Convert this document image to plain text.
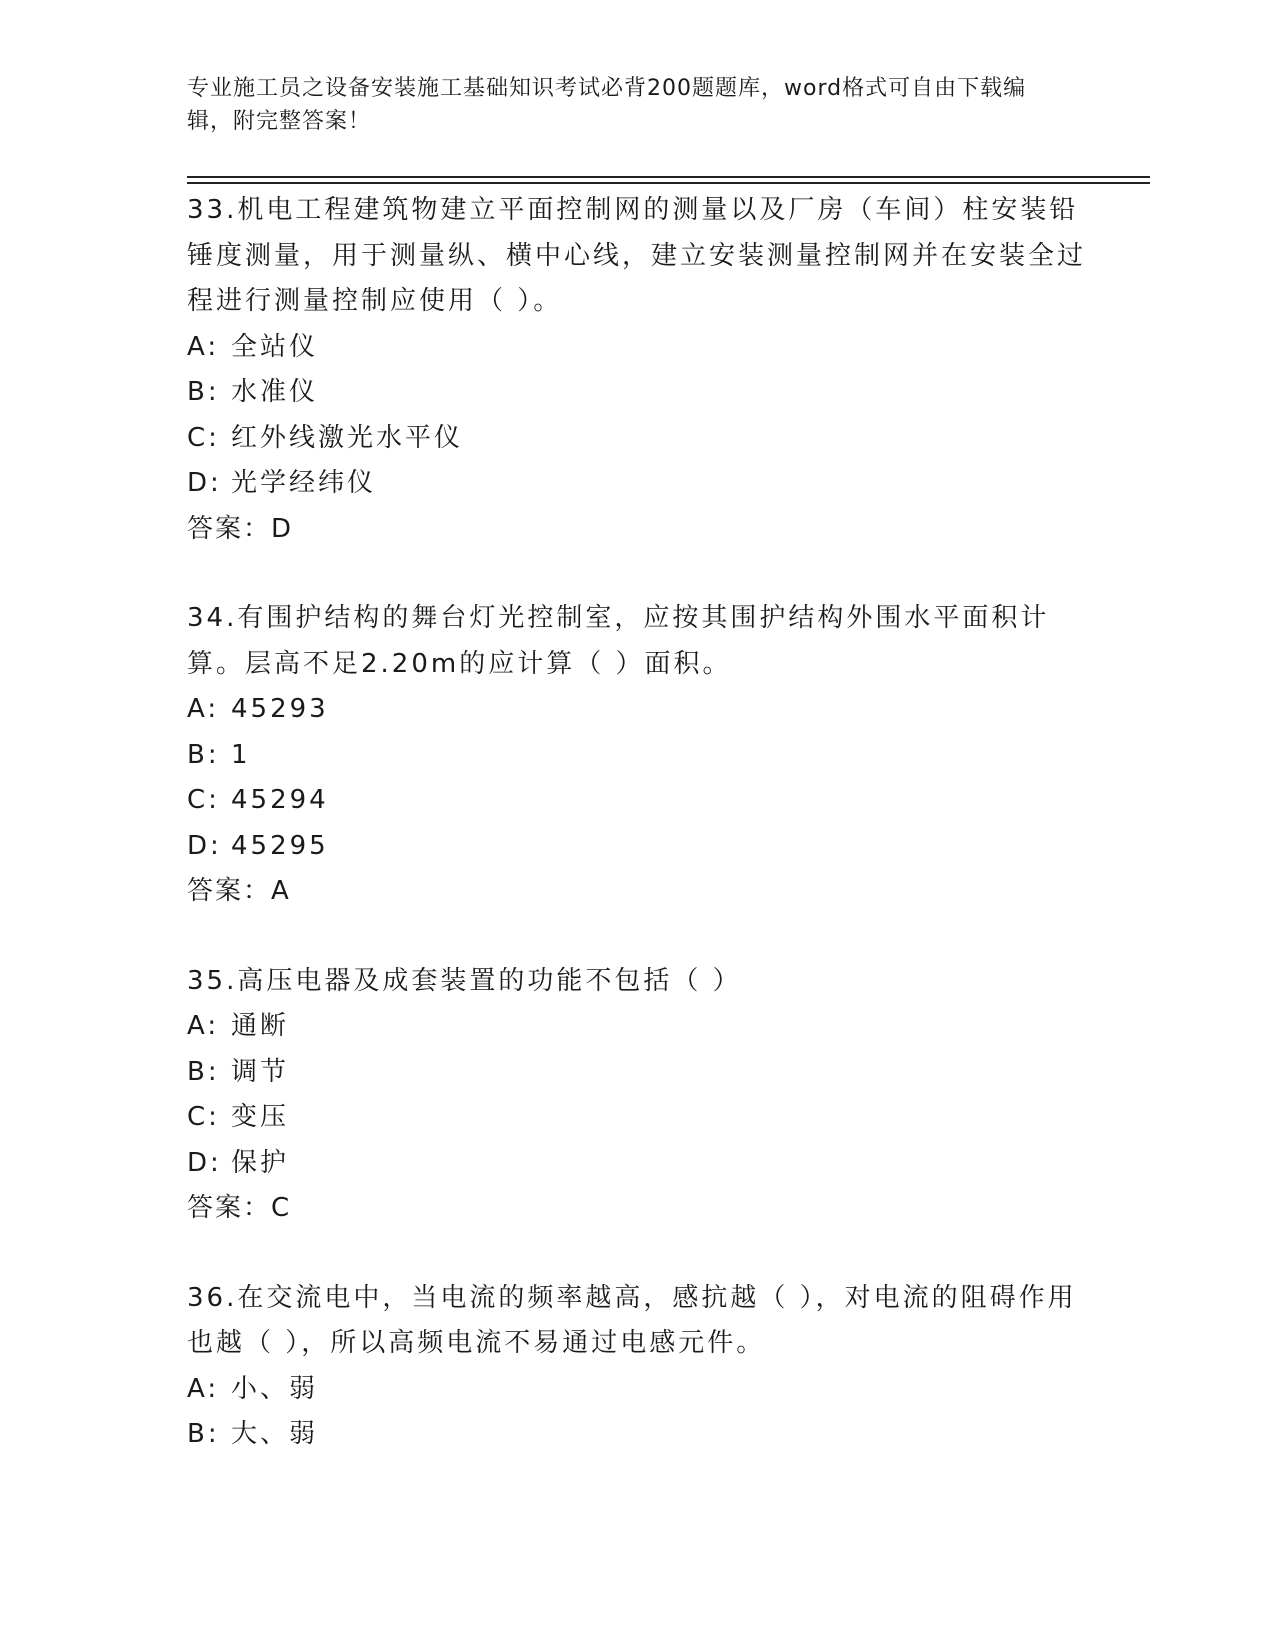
专业施工员之设备安装施工基础知识考试必背200题题库，word格式可自由下载编辑，附完整答案！

33.机电工程建筑物建立平面控制网的测量以及厂房（车间）柱安装铅锤度测量，用于测量纵、横中心线，建立安装测量控制网并在安装全过程进行测量控制应使用（ ）。

A: 全站仪

B: 水准仪

C: 红外线激光水平仪

D: 光学经纬仪

答案：D

34.有围护结构的舞台灯光控制室，应按其围护结构外围水平面积计算。层高不足2.20m的应计算（ ）面积。

A: 45293

B: 1

C: 45294

D: 45295

答案：A

35.高压电器及成套装置的功能不包括（ ）

A: 通断

B: 调节

C: 变压

D: 保护

答案：C

36.在交流电中，当电流的频率越高，感抗越（ ），对电流的阻碍作用也越（ ），所以高频电流不易通过电感元件。

A: 小、弱

B: 大、弱
